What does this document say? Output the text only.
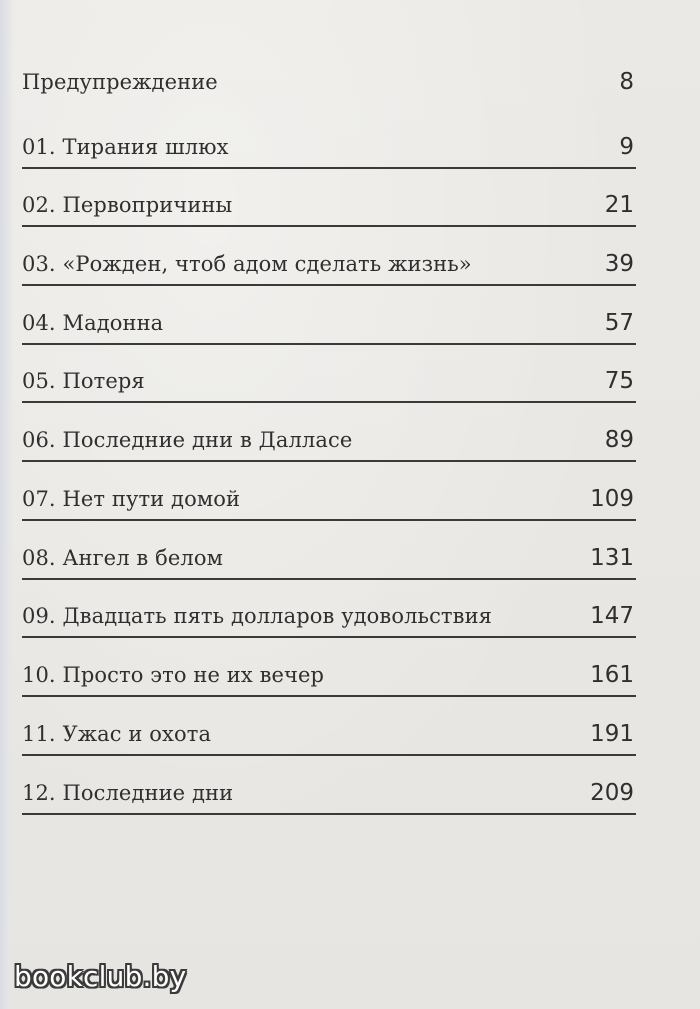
Предупреждение	8
01. Тирания шлюх	9
02. Первопричины	21
03. «Рожден, чтоб адом сделать жизнь»	39
04. Мадонна	57
05. Потеря	75
06. Последние дни в Далласе	89
07. Нет пути домой	109
08. Ангел в белом	131
09. Двадцать пять долларов удовольствия	147
10. Просто это не их вечер	161
11. Ужас и охота	191
12. Последние дни	209
bookclub.by
